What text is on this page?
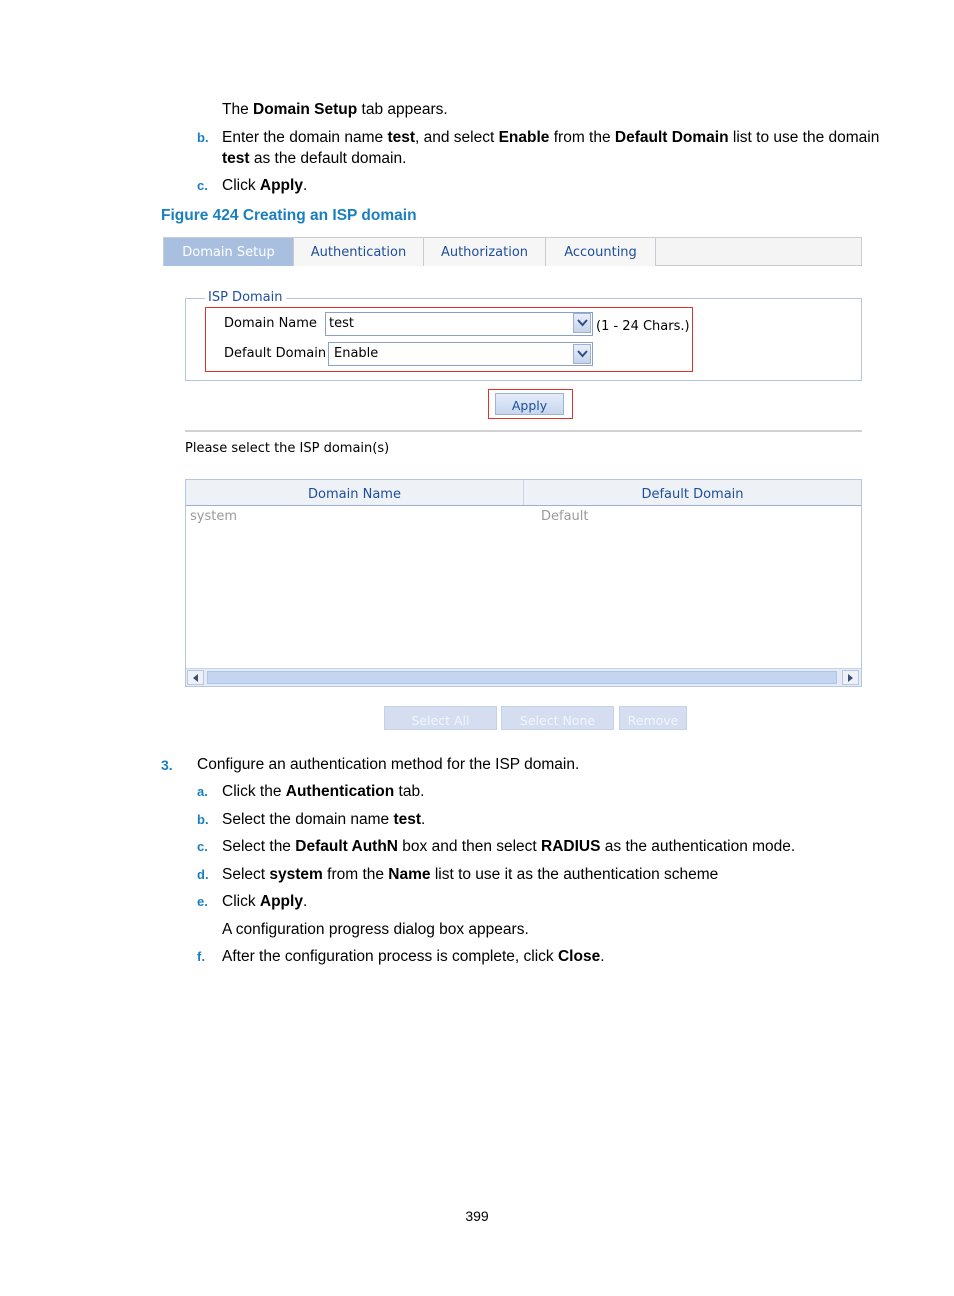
The Domain Setup tab appears.
b. Enter the domain name test, and select Enable from the Default Domain list to use the domain
test as the default domain.
c. Click Apply.
Figure 424 Creating an ISP domain
Domain Setup	Authentication	Authorization	Accounting
ISP Domain
Domain Name test	(1 - 24 Chars.)
Default Domain Enable
Apply
Please select the ISP domain(s)
Domain Name	Default Domain
system	Default
Select All	Select None	Remove
3. Configure an authentication method for the ISP domain.
a. Click the Authentication tab.
b. Select the domain name test.
c. Select the Default AuthN box and then select RADIUS as the authentication mode.
d. Select system from the Name list to use it as the authentication scheme
e. Click Apply.
A configuration progress dialog box appears.
f. After the configuration process is complete, click Close.
399
